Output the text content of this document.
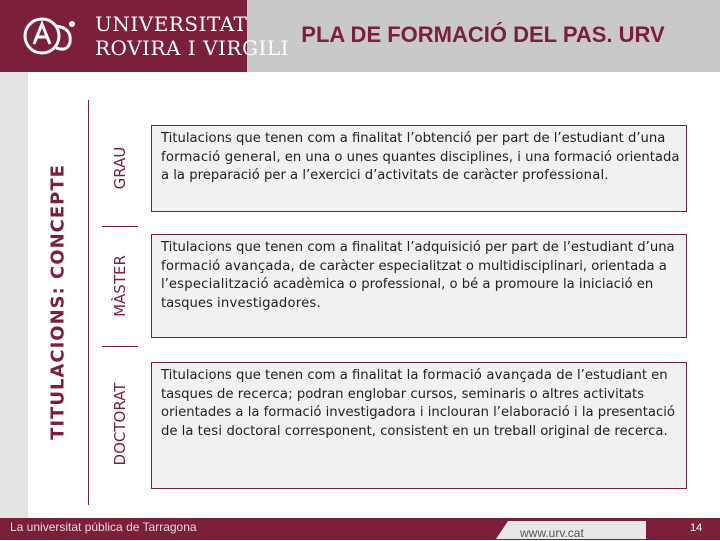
UNIVERSITAT
ROVIRA I VIRGILI
PLA DE FORMACIÓ DEL PAS. URV
TITULACIONS: CONCEPTE	GRAU
MÀSTER
DOCTORAT
Titulacions que tenen com a finalitat l’obtenció per part de l’estudiant d’una formació general, en una o unes quantes disciplines, i una formació orientada a la preparació per a l’exercici d’activitats de caràcter professional.
Titulacions que tenen com a finalitat l’adquisició per part de l’estudiant d’una formació avançada, de caràcter especialitzat o multidisciplinari, orientada a l’especialització acadèmica o professional, o bé a promoure la iniciació en tasques investigadores.
Titulacions que tenen com a finalitat la formació avançada de l’estudiant en tasques de recerca; podran englobar cursos, seminaris o altres activitats orientades a la formació investigadora i inclouran l’elaboració i la presentació de la tesi doctoral corresponent, consistent en un treball original de recerca.
La universitat pública de Tarragona	www.urv.cat	14
